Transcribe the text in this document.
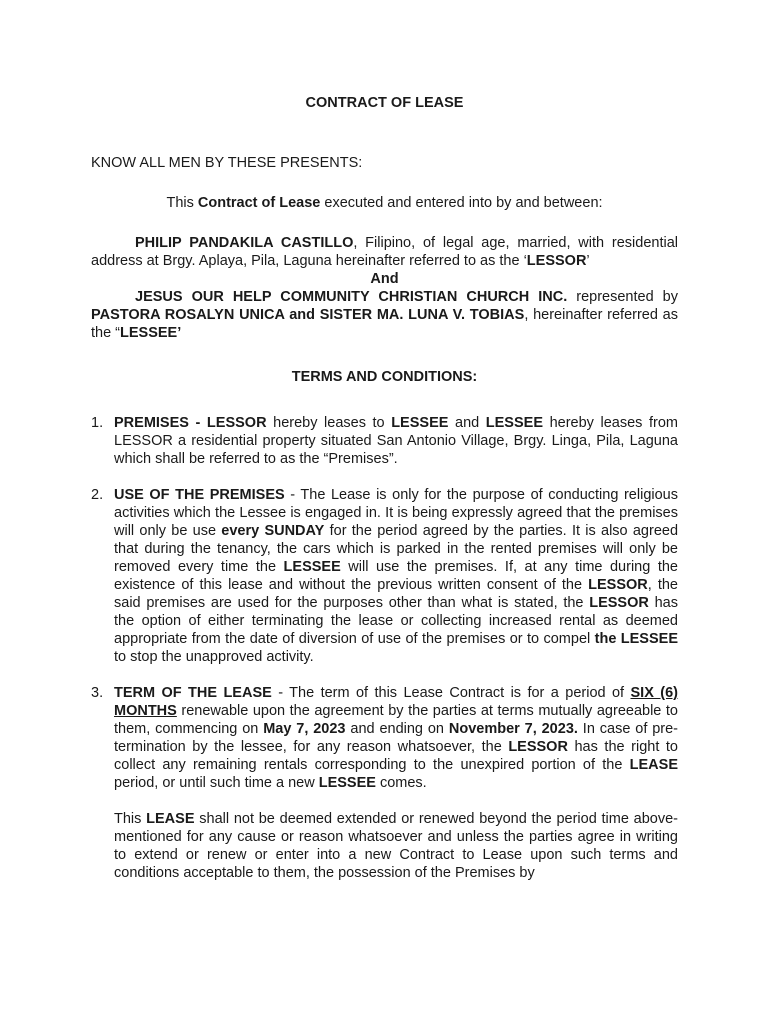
CONTRACT OF LEASE

KNOW ALL MEN BY THESE PRESENTS:

This Contract of Lease executed and entered into by and between:

PHILIP PANDAKILA CASTILLO, Filipino, of legal age, married, with residential address at Brgy. Aplaya, Pila, Laguna hereinafter referred to as the ‘LESSOR’

And

JESUS OUR HELP COMMUNITY CHRISTIAN CHURCH INC. represented by PASTORA ROSALYN UNICA and SISTER MA. LUNA V. TOBIAS, hereinafter referred as the “LESSEE’

TERMS AND CONDITIONS:

1. PREMISES - LESSOR hereby leases to LESSEE and LESSEE hereby leases from LESSOR a residential property situated San Antonio Village, Brgy. Linga, Pila, Laguna which shall be referred to as the “Premises”.

2. USE OF THE PREMISES - The Lease is only for the purpose of conducting religious activities which the Lessee is engaged in. It is being expressly agreed that the premises will only be use every SUNDAY for the period agreed by the parties. It is also agreed that during the tenancy, the cars which is parked in the rented premises will only be removed every time the LESSEE will use the premises. If, at any time during the existence of this lease and without the previous written consent of the LESSOR, the said premises are used for the purposes other than what is stated, the LESSOR has the option of either terminating the lease or collecting increased rental as deemed appropriate from the date of diversion of use of the premises or to compel the LESSEE to stop the unapproved activity.

3. TERM OF THE LEASE - The term of this Lease Contract is for a period of SIX (6) MONTHS renewable upon the agreement by the parties at terms mutually agreeable to them, commencing on May 7, 2023 and ending on November 7, 2023. In case of pre-termination by the lessee, for any reason whatsoever, the LESSOR has the right to collect any remaining rentals corresponding to the unexpired portion of the LEASE period, or until such time a new LESSEE comes.

This LEASE shall not be deemed extended or renewed beyond the period time above-mentioned for any cause or reason whatsoever and unless the parties agree in writing to extend or renew or enter into a new Contract to Lease upon such terms and conditions acceptable to them, the possession of the Premises by
